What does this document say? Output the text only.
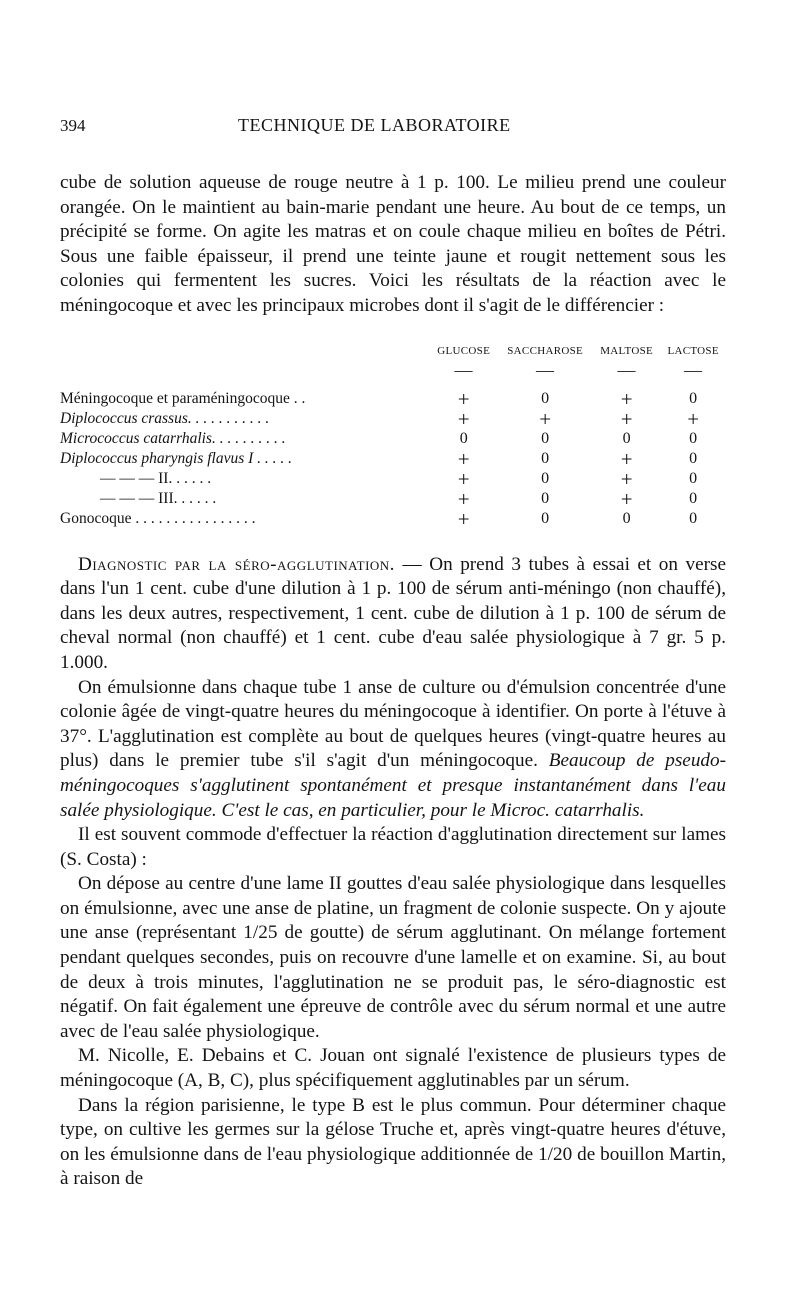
394	TECHNIQUE DE LABORATOIRE

cube de solution aqueuse de rouge neutre à 1 p. 100. Le milieu prend une couleur orangée. On le maintient au bain-marie pendant une heure. Au bout de ce temps, un précipité se forme. On agite les matras et on coule chaque milieu en boîtes de Pétri. Sous une faible épaisseur, il prend une teinte jaune et rougit nettement sous les colonies qui fermentent les sucres. Voici les résultats de la réaction avec le méningocoque et avec les principaux microbes dont il s'agit de le différencier :

	GLUCOSE	SACCHAROSE	MALTOSE	LACTOSE
	—	—	—	—
Méningocoque et paraméningocoque . .	+	0	+	0
Diplococcus crassus. . . . . . . . . . .	+	+	+	+
Micrococcus catarrhalis. . . . . . . . . .	0	0	0	0
Diplococcus pharyngis flavus I . . . . .	+	0	+	0
— — — II. . . . . .	+	0	+	0
— — — III. . . . . .	+	0	+	0
Gonocoque . . . . . . . . . . . . . . . .	+	0	0	0

Diagnostic par la séro-agglutination. — On prend 3 tubes à essai et on verse dans l'un 1 cent. cube d'une dilution à 1 p. 100 de sérum anti-méningo (non chauffé), dans les deux autres, respectivement, 1 cent. cube de dilution à 1 p. 100 de sérum de cheval normal (non chauffé) et 1 cent. cube d'eau salée physiologique à 7 gr. 5 p. 1.000.

On émulsionne dans chaque tube 1 anse de culture ou d'émulsion concentrée d'une colonie âgée de vingt-quatre heures du méningocoque à identifier. On porte à l'étuve à 37°. L'agglutination est complète au bout de quelques heures (vingt-quatre heures au plus) dans le premier tube s'il s'agit d'un méningocoque. Beaucoup de pseudo-méningocoques s'agglutinent spontanément et presque instantanément dans l'eau salée physiologique. C'est le cas, en particulier, pour le Microc. catarrhalis.

Il est souvent commode d'effectuer la réaction d'agglutination directement sur lames (S. Costa) :

On dépose au centre d'une lame II gouttes d'eau salée physiologique dans lesquelles on émulsionne, avec une anse de platine, un fragment de colonie suspecte. On y ajoute une anse (représentant 1/25 de goutte) de sérum agglutinant. On mélange fortement pendant quelques secondes, puis on recouvre d'une lamelle et on examine. Si, au bout de deux à trois minutes, l'agglutination ne se produit pas, le séro-diagnostic est négatif. On fait également une épreuve de contrôle avec du sérum normal et une autre avec de l'eau salée physiologique.

M. Nicolle, E. Debains et C. Jouan ont signalé l'existence de plusieurs types de méningocoque (A, B, C), plus spécifiquement agglutinables par un sérum.

Dans la région parisienne, le type B est le plus commun. Pour déterminer chaque type, on cultive les germes sur la gélose Truche et, après vingt-quatre heures d'étuve, on les émulsionne dans de l'eau physiologique additionnée de 1/20 de bouillon Martin, à raison de
